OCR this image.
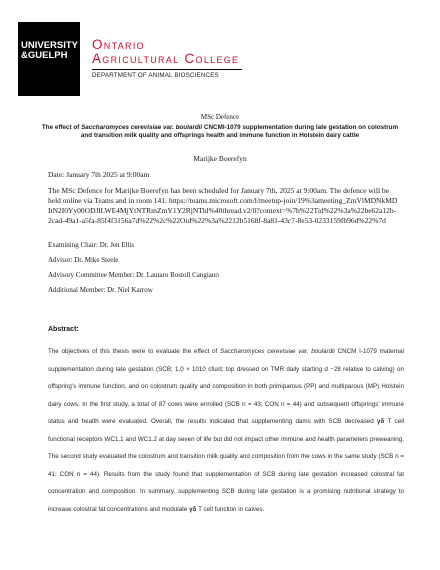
UNIVERSITY
&GUELPH
Ontario
Agricultural College
DEPARTMENT OF ANIMAL BIOSCIENCES
MSc Defence
The effect of Saccharomyces cerevisiae var. boulardii CNCMI-1079 supplementation during late gestation on colostrum and transition milk quality and offsprings health and immune function in Holstein dairy cattle
Marijke Boerefyn
Date: January 7th 2025 at 9:00am
The MSc Defence for Marijke Boerefyn has been scheduled for January 7th, 2025 at 9:00am. The defence will be held online via Teams and in room 141: https://teams.microsoft.com/l/meetup-join/19%3ameeting_ZmVlMDNkMDItN2I0Yy00ODJlLWE4MjYtNTRmZmY1Y2RjNThl%40thread.v2/0?context=%7b%22Tid%22%3a%22be62a12b-2cad-49a1-a5fa-85f4f3156a7d%22%2c%22Oid%22%3a%2212b5168f-8a81-43c7-8e53-0233159fb96d%22%7d
Examining Chair: Dr. Jen Ellis
Advisor: Dr. Mike Steele
Advisory Committee Member: Dr. Lautaro Rostoll Cangiano
Additional Member: Dr. Niel Karrow
Abstract:
The objectives of this thesis were to evaluate the effect of Saccharomyces cerevisiae var. boulardii CNCM I-1079 maternal supplementation during late gestation (SCB; 1.0 × 1010 cfu/d; top dressed on TMR daily starting d −28 relative to calving) on offspring’s immune function, and on colostrum quality and composition in both primiparous (PP) and multiparous (MP) Holstein dairy cows. In the first study, a total of 87 cows were enrolled (SCB n = 43; CON n = 44) and subsequent offsprings’ immune status and health were evaluated. Overall, the results indicated that supplementing dams with SCB decreased γδ T cell functional receptors WC1.1 and WC1.2 at day seven of life but did not impact other immune and health parameters preweaning. The second study evaluated the colostrum and transition milk quality and composition from the cows in the same study (SCB n = 41; CON n = 44). Results from the study found that supplementation of SCB during late gestation increased colostral fat concentration and composition. In summary, supplementing SCB during late gestation is a promising nutritional strategy to increase colostral fat concentrations and modulate γδ T cell function in calves.
